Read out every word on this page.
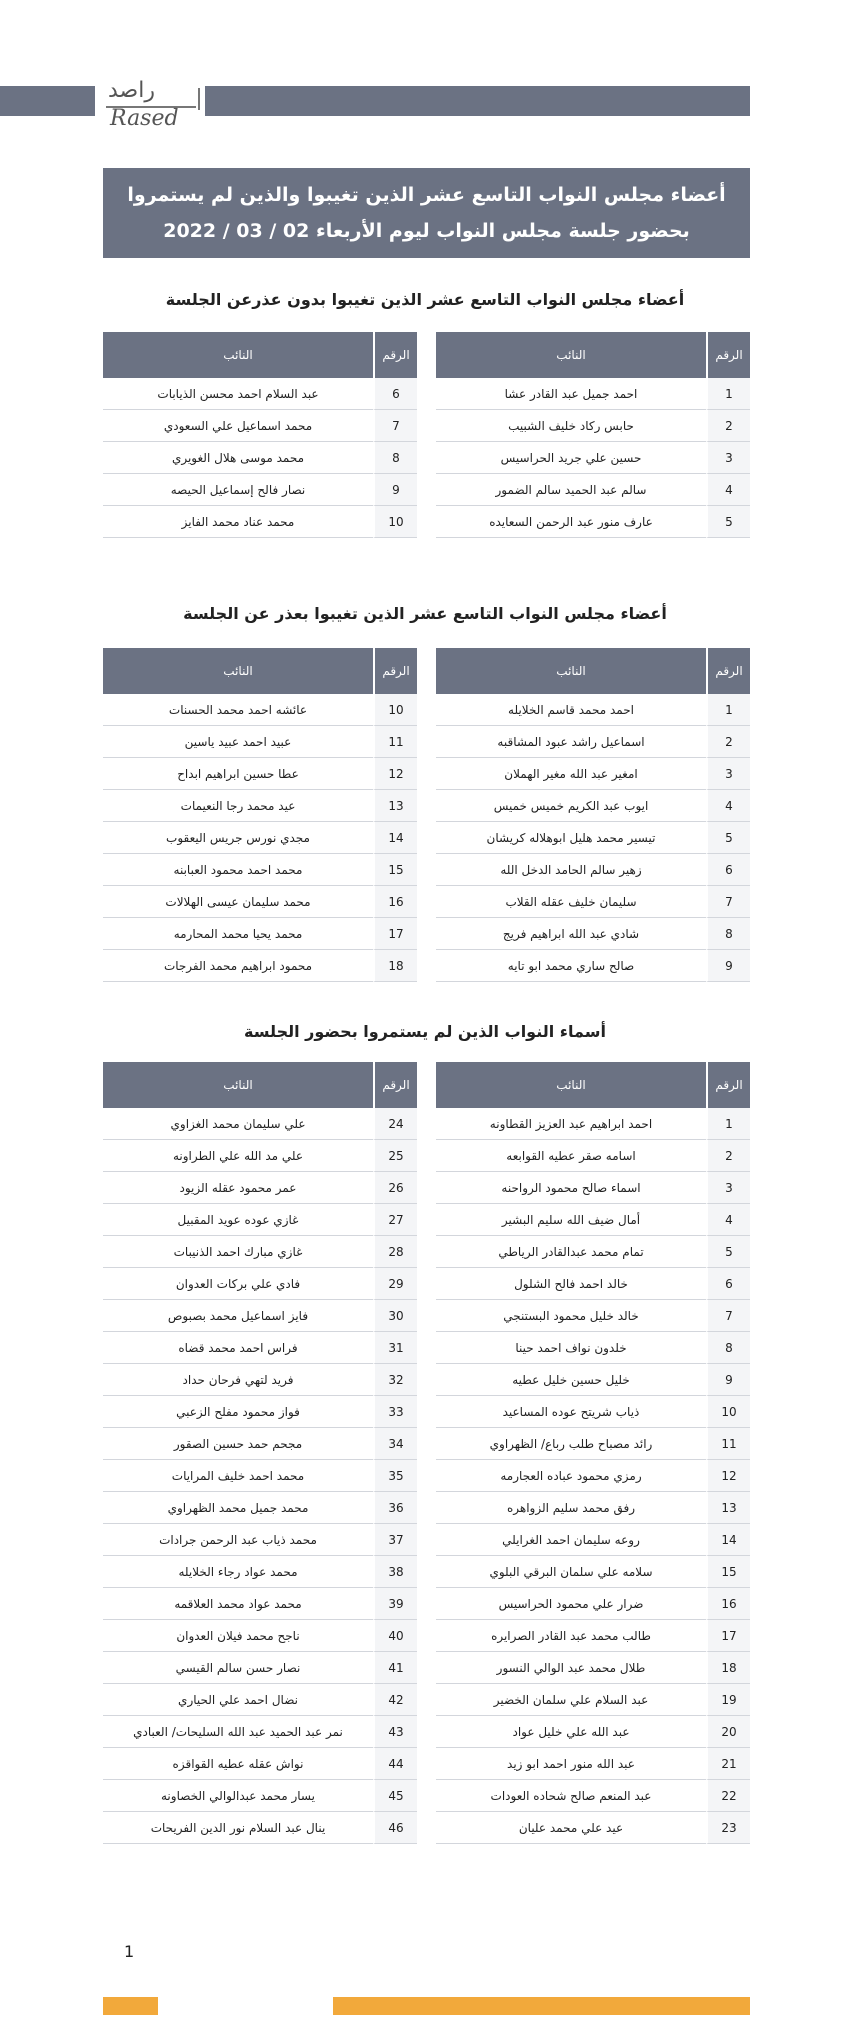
راصد
Rased
أعضاء مجلس النواب التاسع عشر الذين تغيبوا والذين لم يستمروا
بحضور جلسة مجلس النواب ليوم الأربعاء 02 / 03 / 2022
أعضاء مجلس النواب التاسع عشر الذين تغيبوا بدون عذرعن الجلسة
الرقم	النائب
1	احمد جميل عبد القادر عشا
2	حابس ركاد خليف الشبيب
3	حسين علي جريد الحراسيس
4	سالم عبد الحميد سالم الضمور
5	عارف منور عبد الرحمن السعايده
الرقم	النائب
6	عبد السلام احمد محسن الذيابات
7	محمد اسماعيل علي السعودي
8	محمد موسى هلال الغويري
9	نصار فالح إسماعيل الحيصه
10	محمد عناد محمد الفايز
أعضاء مجلس النواب التاسع عشر الذين تغيبوا بعذر عن الجلسة
الرقم	النائب
1	احمد محمد قاسم الخلايله
2	اسماعيل راشد عبود المشاقبه
3	امغير عبد الله مغير الهملان
4	ايوب عبد الكريم خميس خميس
5	تيسير محمد هليل ابوهلاله كريشان
6	زهير سالم الحامد الدخل الله
7	سليمان خليف عقله القلاب
8	شادي عبد الله ابراهيم فريج
9	صالح ساري محمد ابو تايه
الرقم	النائب
10	عائشه احمد محمد الحسنات
11	عبيد احمد عبيد ياسين
12	عطا حسين ابراهيم ابداح
13	عيد محمد رجا النعيمات
14	مجدي نورس جريس اليعقوب
15	محمد احمد محمود العبابنه
16	محمد سليمان عيسى الهلالات
17	محمد يحيا محمد المحارمه
18	محمود ابراهيم محمد الفرجات
أسماء النواب الذين لم يستمروا بحضور الجلسة
الرقم	النائب
1	احمد ابراهيم عبد العزيز القطاونه
2	اسامه صقر عطيه القوابعه
3	اسماء صالح محمود الرواحنه
4	أمال ضيف الله سليم البشير
5	تمام محمد عبدالقادر الرياطي
6	خالد احمد فالح الشلول
7	خالد خليل محمود البستنجي
8	خلدون نواف احمد حينا
9	خليل حسين خليل عطيه
10	ذياب شريتح عوده المساعيد
11	رائد مصباح طلب رباع/ الظهراوي
12	رمزي محمود عباده العجارمه
13	رفق محمد سليم الزواهره
14	روعه سليمان احمد الغرايلي
15	سلامه علي سلمان البرقي البلوي
16	ضرار علي محمود الحراسيس
17	طالب محمد عبد القادر الصرايره
18	طلال محمد عبد الوالي النسور
19	عبد السلام علي سلمان الخضير
20	عبد الله علي خليل عواد
21	عبد الله منور احمد ابو زيد
22	عبد المنعم صالح شحاده العودات
23	عيد علي محمد عليان
الرقم	النائب
24	علي سليمان محمد الغزاوي
25	علي مد الله علي الطراونه
26	عمر محمود عقله الزيود
27	غازي عوده عويد المقبيل
28	غازي مبارك احمد الذنيبات
29	فادي علي بركات العدوان
30	فايز اسماعيل محمد بصبوص
31	فراس احمد محمد قضاه
32	فريد لتهي فرحان حداد
33	فواز محمود مفلح الزعبي
34	مجحم حمد حسين الصقور
35	محمد احمد خليف المرايات
36	محمد جميل محمد الظهراوي
37	محمد ذياب عبد الرحمن جرادات
38	محمد عواد رجاء الخلايله
39	محمد عواد محمد العلاقمه
40	ناجح محمد فيلان العدوان
41	نصار حسن سالم القيسي
42	نضال احمد علي الحياري
43	نمر عبد الحميد عبد الله السليحات/ العبادي
44	نواش عقله عطيه القواقزه
45	يسار محمد عبدالوالي الخصاونه
46	ينال عبد السلام نور الدين الفريحات
1
